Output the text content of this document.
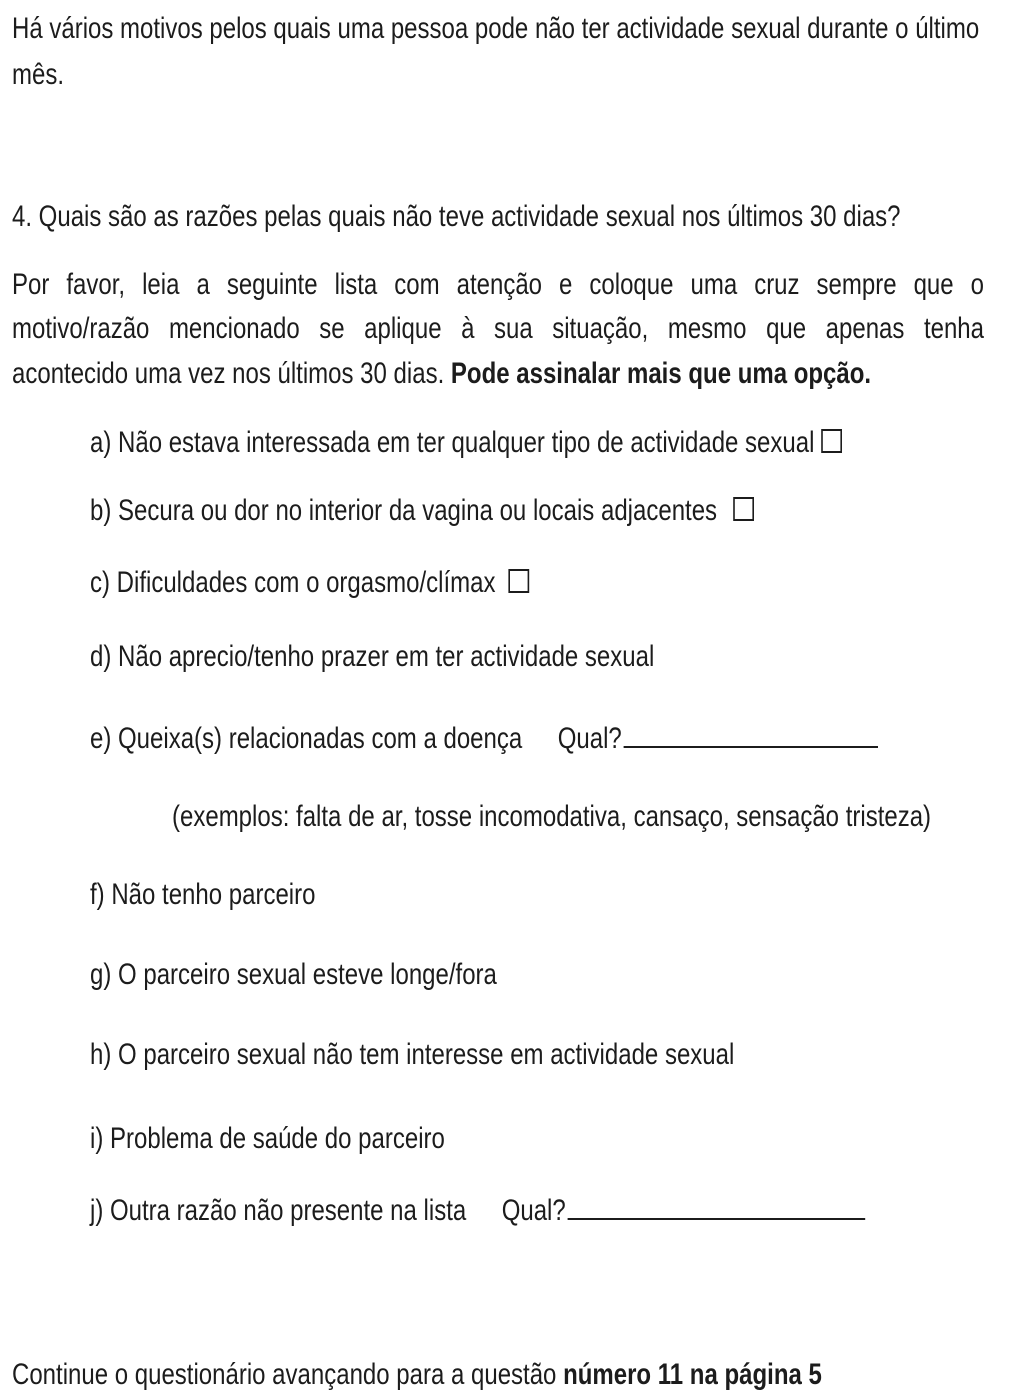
Há vários motivos pelos quais uma pessoa pode não ter actividade sexual durante o último
mês.
4. Quais são as razões pelas quais não teve actividade sexual nos últimos 30 dias?
Por favor, leia a seguinte lista com atenção e coloque uma cruz sempre que o
motivo/razão mencionado se aplique à sua situação, mesmo que apenas tenha
acontecido uma vez nos últimos 30 dias. Pode assinalar mais que uma opção.
a) Não estava interessada em ter qualquer tipo de actividade sexual
b) Secura ou dor no interior da vagina ou locais adjacentes
c) Dificuldades com o orgasmo/clímax
d) Não aprecio/tenho prazer em ter actividade sexual
e) Queixa(s) relacionadas com a doença Qual?
(exemplos: falta de ar, tosse incomodativa, cansaço, sensação tristeza)
f) Não tenho parceiro
g) O parceiro sexual esteve longe/fora
h) O parceiro sexual não tem interesse em actividade sexual
i) Problema de saúde do parceiro
j) Outra razão não presente na lista Qual?
Continue o questionário avançando para a questão número 11 na página 5
